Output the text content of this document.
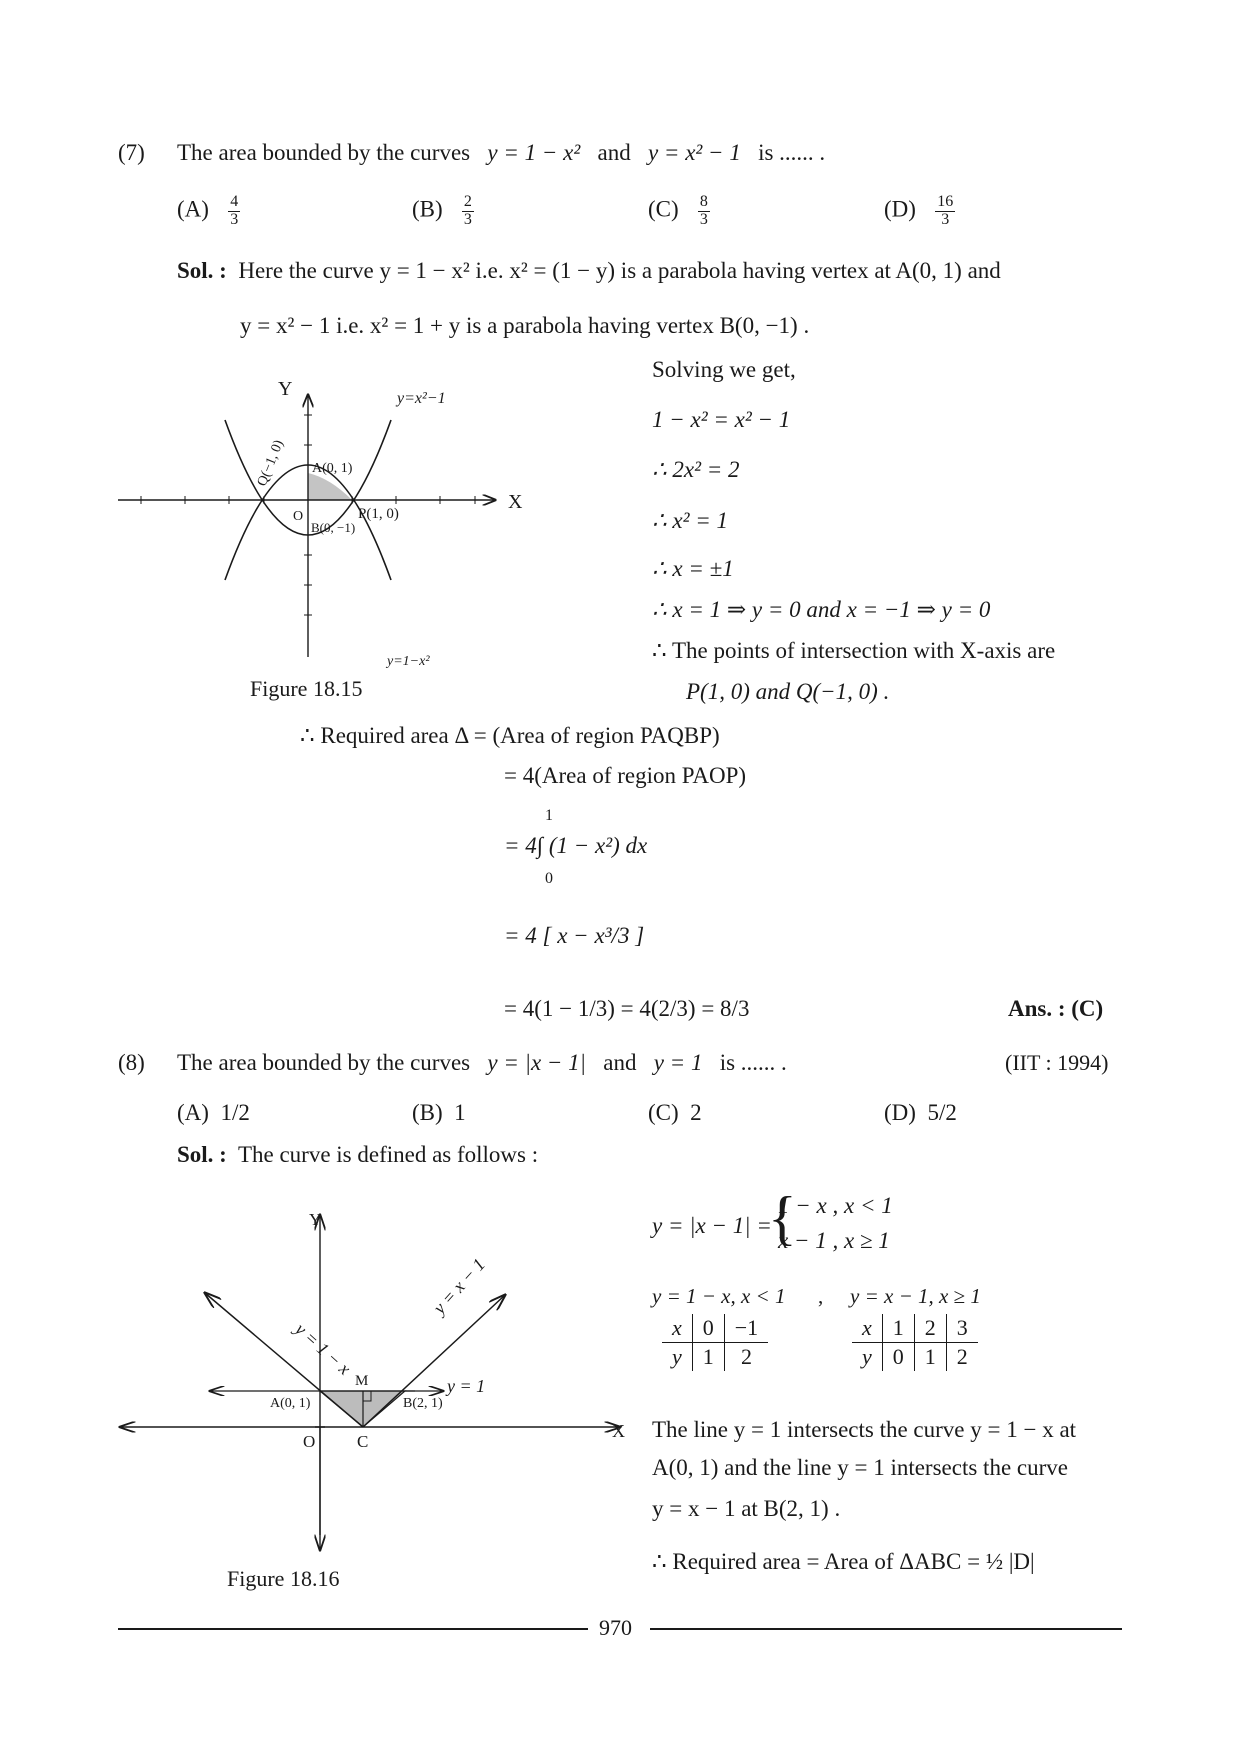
(7) The area bounded by the curves y = 1 − x² and y = x² − 1 is ...... .
$(A) \frac{4}{3}$	$(B) \frac{2}{3}$	$(C) \frac{8}{3}$	$(D) \frac{16}{3}$
Sol. : Here the curve y = 1 − x² i.e. x² = (1 − y) is a parabola having vertex at A(0, 1) and
y = x² − 1 i.e. x² = 1 + y is a parabola having vertex B(0, −1) .
Y
X
y=x²−1
y=1−x²
A(0, 1)
B(0, −1)
O	P(1, 0)
Q(−1, 0)
Figure 18.15
Solving we get,
1 − x² = x² − 1
∴ 2x² = 2
∴ x² = 1
∴ x = ±1
∴ x = 1 ⇒ y = 0 and x = −1 ⇒ y = 0
∴ The points of intersection with X-axis are
P(1, 0) and Q(−1, 0) .
∴ Required area Δ = (Area of region PAQBP)
= 4(Area of region PAOP)
1
= 4∫ (1 − x²) dx
0
= 4 [ x − x³/3 ]
= 4(1 − 1/3) = 4(2/3) = 8/3	Ans. : (C)
(8) The area bounded by the curves y = |x − 1| and y = 1 is ...... .	(IIT : 1994)
(A) 1/2	(B) 1	(C) 2	(D) 5/2
Sol. : The curve is defined as follows :
y = |x − 1| =
{
1 − x , x < 1
x − 1 , x ≥ 1
y = 1 − x, x < 1 , y = x − 1, x ≥ 1
x	0	−1
y	1	2
x	1	2	3
y	0	1	2
y = 1 − x
y = x − 1
Y
X
y = 1
A(0, 1)	B(2, 1)
M
O C
Figure 18.16
The line y = 1 intersects the curve y = 1 − x at
A(0, 1) and the line y = 1 intersects the curve
y = x − 1 at B(2, 1) .
∴ Required area = Area of ΔABC = ½ |D|
970
